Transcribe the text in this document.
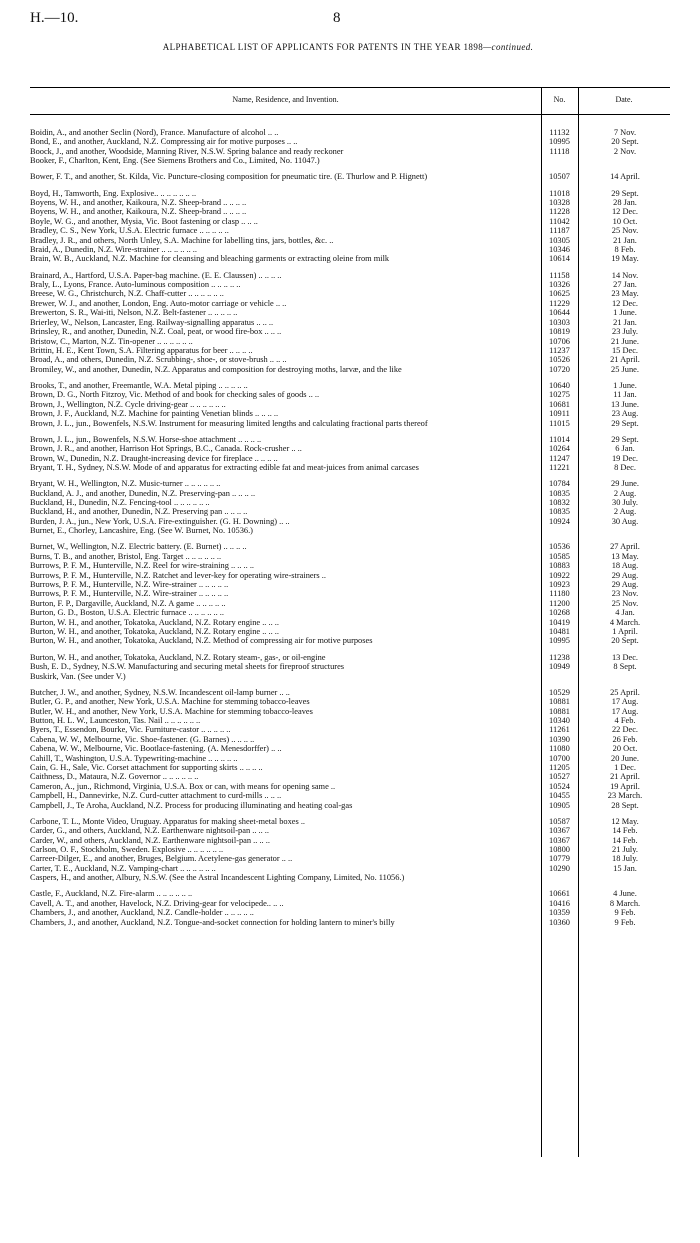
H.—10.	8
ALPHABETICAL LIST OF APPLICANTS FOR PATENTS IN THE YEAR 1898—continued.
Name, Residence, and Invention.	No.	Date.
Boidin, A., and another Seclin (Nord), France. Manufacture of alcohol .. ..	11132	7 Nov.
Bond, E., and another, Auckland, N.Z. Compressing air for motive purposes .. ..	10995	20 Sept.
Boock, J., and another, Woodside, Manning River, N.S.W. Spring balance and ready reckoner	11118	2 Nov.
Booker, F., Charlton, Kent, Eng. (See Siemens Brothers and Co., Limited, No. 11047.)
Bower, F. T., and another, St. Kilda, Vic. Puncture-closing composition for pneumatic tire. (E. Thurlow and P. Hignett)	10507	14 April.
Boyd, H., Tamworth, Eng. Explosive.. .. .. .. .. .. ..	11018	29 Sept.
Boyens, W. H., and another, Kaikoura, N.Z. Sheep-brand .. .. .. ..	10328	28 Jan.
Boyens, W. H., and another, Kaikoura, N.Z. Sheep-brand .. .. .. ..	11228	12 Dec.
Boyle, W. G., and another, Mysia, Vic. Boot fastening or clasp .. .. ..	11042	10 Oct.
Bradley, C. S., New York, U.S.A. Electric furnace .. .. .. .. ..	11187	25 Nov.
Bradley, J. R., and others, North Unley, S.A. Machine for labelling tins, jars, bottles, &c. ..	10305	21 Jan.
Braid, A., Dunedin, N.Z. Wire-strainer .. .. .. .. .. ..	10346	8 Feb.
Brain, W. B., Auckland, N.Z. Machine for cleansing and bleaching garments or extracting oleine from milk	10614	19 May.
Brainard, A., Hartford, U.S.A. Paper-bag machine. (E. E. Claussen) .. .. .. ..	11158	14 Nov.
Braly, L., Lyons, France. Auto-luminous composition .. .. .. .. ..	10326	27 Jan.
Breese, W. G., Christchurch, N.Z. Chaff-cutter .. .. .. .. .. ..	10625	23 May.
Brewer, W. J., and another, London, Eng. Auto-motor carriage or vehicle .. ..	11229	12 Dec.
Brewerton, S. R., Wai-iti, Nelson, N.Z. Belt-fastener .. .. .. .. ..	10644	1 June.
Brierley, W., Nelson, Lancaster, Eng. Railway-signalling apparatus .. .. ..	10303	21 Jan.
Brinsley, R., and another, Dunedin, N.Z. Coal, peat, or wood fire-box .. .. ..	10819	23 July.
Bristow, C., Marton, N.Z. Tin-opener .. .. .. .. .. ..	10706	21 June.
Brittin, H. E., Kent Town, S.A. Filtering apparatus for beer .. .. .. ..	11237	15 Dec.
Broad, A., and others, Dunedin, N.Z. Scrubbing-, shoe-, or stove-brush .. .. ..	10526	21 April.
Bromiley, W., and another, Dunedin, N.Z. Apparatus and composition for destroying moths, larvæ, and the like	10720	25 June.
Brooks, T., and another, Freemantle, W.A. Metal piping .. .. .. .. ..	10640	1 June.
Brown, D. G., North Fitzroy, Vic. Method of and book for checking sales of goods .. ..	10275	11 Jan.
Brown, J., Wellington, N.Z. Cycle driving-gear .. .. .. .. .. ..	10681	13 June.
Brown, J. F., Auckland, N.Z. Machine for painting Venetian blinds .. .. .. ..	10911	23 Aug.
Brown, J. L., jun., Bowenfels, N.S.W. Instrument for measuring limited lengths and calculating fractional parts thereof	11015	29 Sept.
Brown, J. L., jun., Bowenfels, N.S.W. Horse-shoe attachment .. .. .. ..	11014	29 Sept.
Brown, J. R., and another, Harrison Hot Springs, B.C., Canada. Rock-crusher .. ..	10264	6 Jan.
Brown, W., Dunedin, N.Z. Draught-increasing device for fireplace .. .. .. ..	11247	19 Dec.
Bryant, T. H., Sydney, N.S.W. Mode of and apparatus for extracting edible fat and meat-juices from animal carcases	11221	8 Dec.
Bryant, W. H., Wellington, N.Z. Music-turner .. .. .. .. .. ..	10784	29 June.
Buckland, A. J., and another, Dunedin, N.Z. Preserving-pan .. .. .. ..	10835	2 Aug.
Buckland, H., Dunedin, N.Z. Fencing-tool .. .. .. .. .. ..	10832	30 July.
Buckland, H., and another, Dunedin, N.Z. Preserving pan .. .. .. ..	10835	2 Aug.
Burden, J. A., jun., New York, U.S.A. Fire-extinguisher. (G. H. Downing) .. ..	10924	30 Aug.
Burnet, E., Chorley, Lancashire, Eng. (See W. Burnet, No. 10536.)
Burnet, W., Wellington, N.Z. Electric battery. (E. Burnet) .. .. .. ..	10536	27 April.
Burns, T. B., and another, Bristol, Eng. Target .. .. .. .. .. ..	10585	13 May.
Burrows, P. F. M., Hunterville, N.Z. Reel for wire-straining .. .. .. ..	10883	18 Aug.
Burrows, P. F. M., Hunterville, N.Z. Ratchet and lever-key for operating wire-strainers ..	10922	29 Aug.
Burrows, P. F. M., Hunterville, N.Z. Wire-strainer .. .. .. .. ..	10923	29 Aug.
Burrows, P. F. M., Hunterville, N.Z. Wire-strainer .. .. .. .. ..	11180	23 Nov.
Burton, F. P., Dargaville, Auckland, N.Z. A game .. .. .. .. ..	11200	25 Nov.
Burton, G. D., Boston, U.S.A. Electric furnace .. .. .. .. .. ..	10268	4 Jan.
Burton, W. H., and another, Tokatoka, Auckland, N.Z. Rotary engine .. .. ..	10419	4 March.
Burton, W. H., and another, Tokatoka, Auckland, N.Z. Rotary engine .. .. ..	10481	1 April.
Burton, W. H., and another, Tokatoka, Auckland, N.Z. Method of compressing air for motive purposes	10995	20 Sept.
Burton, W. H., and another, Tokatoka, Auckland, N.Z. Rotary steam-, gas-, or oil-engine	11238	13 Dec.
Bush, E. D., Sydney, N.S.W. Manufacturing and securing metal sheets for fireproof structures	10949	8 Sept.
Buskirk, Van. (See under V.)
Butcher, J. W., and another, Sydney, N.S.W. Incandescent oil-lamp burner .. ..	10529	25 April.
Butler, G. P., and another, New York, U.S.A. Machine for stemming tobacco-leaves	10881	17 Aug.
Butler, W. H., and another, New York, U.S.A. Machine for stemming tobacco-leaves	10881	17 Aug.
Button, H. L. W., Launceston, Tas. Nail .. .. .. .. .. ..	10340	4 Feb.
Byers, T., Essendon, Bourke, Vic. Furniture-castor .. .. .. .. ..	11261	22 Dec.
Cabena, W. W., Melbourne, Vic. Shoe-fastener. (G. Barnes) .. .. .. ..	10390	26 Feb.
Cabena, W. W., Melbourne, Vic. Bootlace-fastening. (A. Menesdorffer) .. ..	11080	20 Oct.
Cahill, T., Washington, U.S.A. Typewriting-machine .. .. .. .. ..	10700	20 June.
Cain, G. H., Sale, Vic. Corset attachment for supporting skirts .. .. .. ..	11205	1 Dec.
Caithness, D., Mataura, N.Z. Governor .. .. .. .. .. ..	10527	21 April.
Cameron, A., jun., Richmond, Virginia, U.S.A. Box or can, with means for opening same ..	10524	19 April.
Campbell, H., Dannevirke, N.Z. Curd-cutter attachment to curd-mills .. .. ..	10455	23 March.
Campbell, J., Te Aroha, Auckland, N.Z. Process for producing illuminating and heating coal-gas	10905	28 Sept.
Carbone, T. L., Monte Video, Uruguay. Apparatus for making sheet-metal boxes ..	10587	12 May.
Carder, G., and others, Auckland, N.Z. Earthenware nightsoil-pan .. .. ..	10367	14 Feb.
Carder, W., and others, Auckland, N.Z. Earthenware nightsoil-pan .. .. ..	10367	14 Feb.
Carlson, O. F., Stockholm, Sweden. Explosive .. .. .. .. .. ..	10800	21 July.
Carreer-Dilger, E., and another, Bruges, Belgium. Acetylene-gas generator .. ..	10779	18 July.
Carter, T. E., Auckland, N.Z. Vamping-chart .. .. .. .. .. ..	10290	15 Jan.
Caspers, H., and another, Albury, N.S.W. (See the Astral Incandescent Lighting Company, Limited, No. 11056.)
Castle, F., Auckland, N.Z. Fire-alarm .. .. .. .. .. ..	10661	4 June.
Cavell, A. T., and another, Havelock, N.Z. Driving-gear for velocipede.. .. ..	10416	8 March.
Chambers, J., and another, Auckland, N.Z. Candle-holder .. .. .. .. ..	10359	9 Feb.
Chambers, J., and another, Auckland, N.Z. Tongue-and-socket connection for holding lantern to miner's billy	10360	9 Feb.
